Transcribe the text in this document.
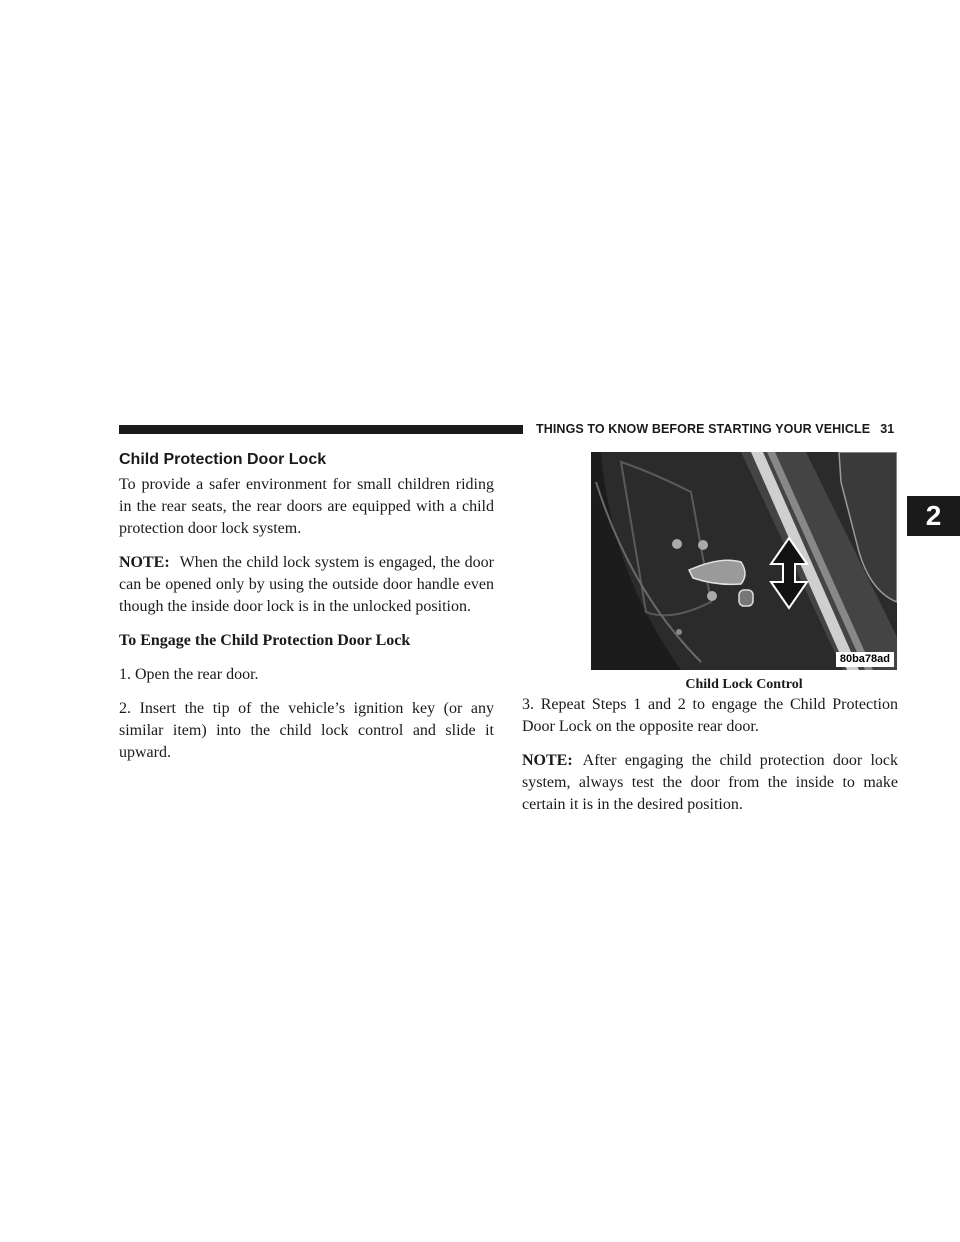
THINGS TO KNOW BEFORE STARTING YOUR VEHICLE 31
2
Child Protection Door Lock

To provide a safer environment for small children riding in the rear seats, the rear doors are equipped with a child protection door lock system.

NOTE: When the child lock system is engaged, the door can be opened only by using the outside door handle even though the inside door lock is in the unlocked position.

To Engage the Child Protection Door Lock

1. Open the rear door.

2. Insert the tip of the vehicle’s ignition key (or any similar item) into the child lock control and slide it upward.

80ba78ad
Child Lock Control

3. Repeat Steps 1 and 2 to engage the Child Protection Door Lock on the opposite rear door.

NOTE: After engaging the child protection door lock system, always test the door from the inside to make certain it is in the desired position.
